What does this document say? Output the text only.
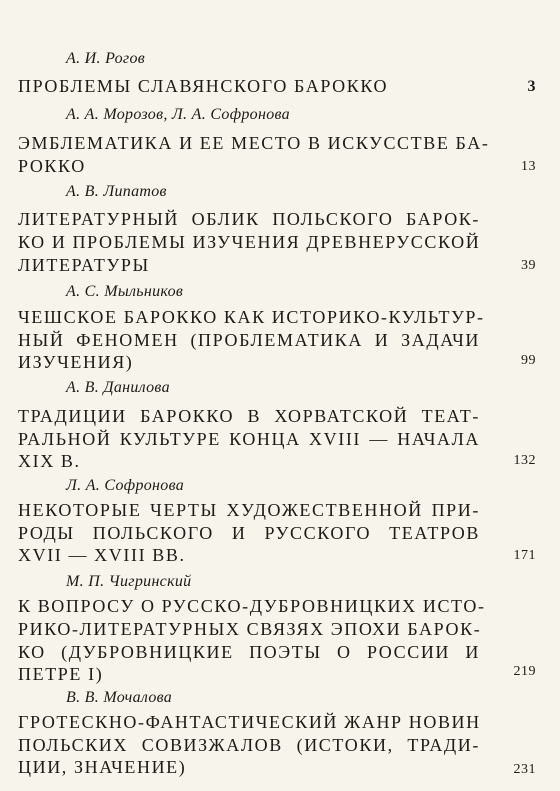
А. И. Рогов
ПРОБЛЕМЫ СЛАВЯНСКОГО БАРОККО	3
А. А. Морозов, Л. А. Софронова
ЭМБЛЕМАТИКА И ЕЕ МЕСТО В ИСКУССТВЕ БА-
РОККО	13
А. В. Липатов
ЛИТЕРАТУРНЫЙ ОБЛИК ПОЛЬСКОГО БАРОК-
КО И ПРОБЛЕМЫ ИЗУЧЕНИЯ ДРЕВНЕРУССКОЙ
ЛИТЕРАТУРЫ	39
А. С. Мыльников
ЧЕШСКОЕ БАРОККО КАК ИСТОРИКО-КУЛЬТУР-
НЫЙ ФЕНОМЕН (ПРОБЛЕМАТИКА И ЗАДАЧИ
ИЗУЧЕНИЯ)	99
А. В. Данилова
ТРАДИЦИИ БАРОККО В ХОРВАТСКОЙ ТЕАТ-
РАЛЬНОЙ КУЛЬТУРЕ КОНЦА XVIII — НАЧАЛА
XIX В.	132
Л. А. Софронова
НЕКОТОРЫЕ ЧЕРТЫ ХУДОЖЕСТВЕННОЙ ПРИ-
РОДЫ ПОЛЬСКОГО И РУССКОГО ТЕАТРОВ
XVII — XVIII ВВ.	171
М. П. Чигринский
К ВОПРОСУ О РУССКО-ДУБРОВНИЦКИХ ИСТО-
РИКО-ЛИТЕРАТУРНЫХ СВЯЗЯХ ЭПОХИ БАРОК-
КО (ДУБРОВНИЦКИЕ ПОЭТЫ О РОССИИ И
ПЕТРЕ I)	219
В. В. Мочалова
ГРОТЕСКНО-ФАНТАСТИЧЕСКИЙ ЖАНР НОВИН
ПОЛЬСКИХ СОВИЗЖАЛОВ (ИСТОКИ, ТРАДИ-
ЦИИ, ЗНАЧЕНИЕ)	231
